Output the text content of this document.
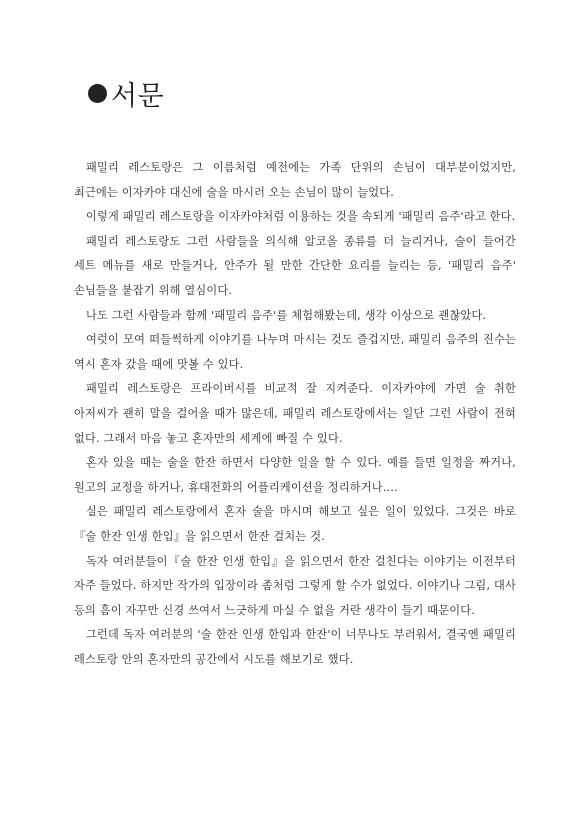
서문

패밀리 레스토랑은 그 이름처럼 예전에는 가족 단위의 손님이 대부분이었지만, 최근에는 이자카야 대신에 술을 마시러 오는 손님이 많이 늘었다.

이렇게 패밀리 레스토랑을 이자카야처럼 이용하는 것을 속되게 '패밀리 음주'라고 한다.

패밀리 레스토랑도 그런 사람들을 의식해 알코올 종류를 더 늘리거나, 술이 들어간 세트 메뉴를 새로 만들거나, 안주가 될 만한 간단한 요리를 늘리는 등, '패밀리 음주' 손님들을 붙잡기 위해 열심이다.

나도 그런 사람들과 함께 '패밀리 음주'를 체험해봤는데, 생각 이상으로 괜찮았다.

여럿이 모여 떠들썩하게 이야기를 나누며 마시는 것도 즐겁지만, 패밀리 음주의 진수는 역시 혼자 갔을 때에 맛볼 수 있다.

패밀리 레스토랑은 프라이버시를 비교적 잘 지켜준다. 이자카야에 가면 술 취한 아저씨가 괜히 말을 걸어올 때가 많은데, 패밀리 레스토랑에서는 일단 그런 사람이 전혀 없다. 그래서 마음 놓고 혼자만의 세계에 빠질 수 있다.

혼자 있을 때는 술을 한잔 하면서 다양한 일을 할 수 있다. 예를 들면 일정을 짜거나, 원고의 교정을 하거나, 휴대전화의 어플리케이션을 정리하거나….

실은 패밀리 레스토랑에서 혼자 술을 마시며 해보고 싶은 일이 있었다. 그것은 바로『술 한잔 인생 한입』을 읽으면서 한잔 걸치는 것.

독자 여러분들이『술 한잔 인생 한입』을 읽으면서 한잔 걸친다는 이야기는 이전부터 자주 들었다. 하지만 작가의 입장이라 좀처럼 그렇게 할 수가 없었다. 이야기나 그림, 대사 등의 흠이 자꾸만 신경 쓰여서 느긋하게 마실 수 없을 거란 생각이 들기 때문이다.

그런데 독자 여러분의 '술 한잔 인생 한입과 한잔'이 너무나도 부러워서, 결국엔 패밀리 레스토랑 안의 혼자만의 공간에서 시도를 해보기로 했다.
